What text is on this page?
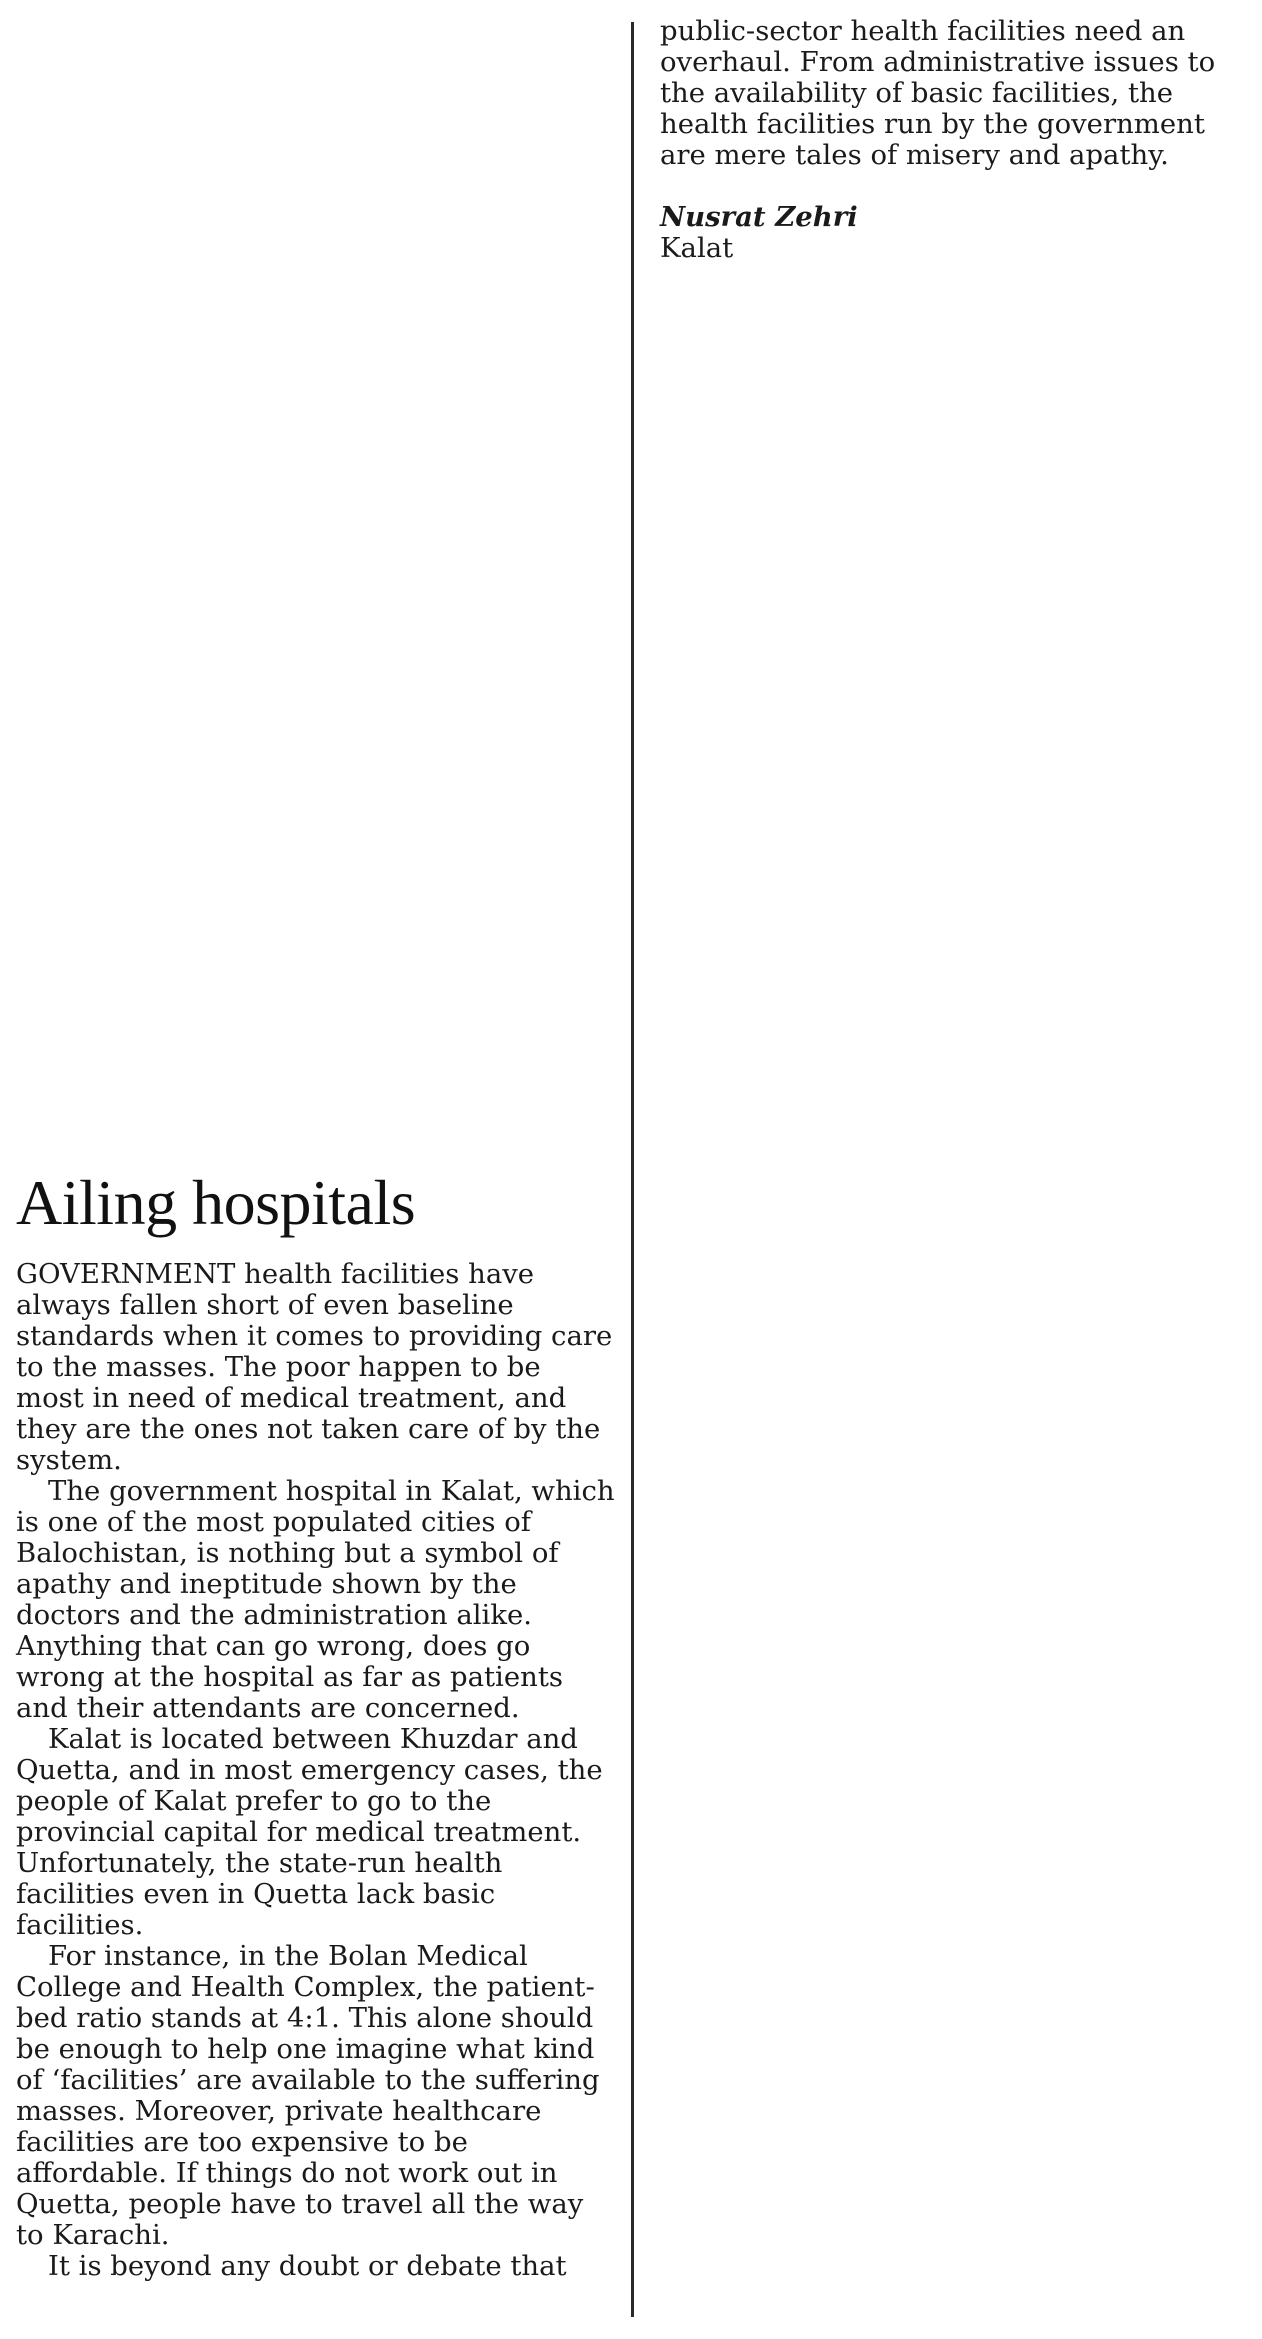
public-sector health facilities need an overhaul. From administrative issues to the availability of basic facilities, the health facilities run by the government are mere tales of misery and apathy.

Nusrat Zehri
Kalat
Ailing hospitals

GOVERNMENT health facilities have always fallen short of even baseline standards when it comes to providing care to the masses. The poor happen to be most in need of medical treatment, and they are the ones not taken care of by the system.

The government hospital in Kalat, which is one of the most populated cities of Balochistan, is nothing but a symbol of apathy and ineptitude shown by the doctors and the administration alike. Anything that can go wrong, does go wrong at the hospital as far as patients and their attendants are concerned.

Kalat is located between Khuzdar and Quetta, and in most emergency cases, the people of Kalat prefer to go to the provincial capital for medical treatment. Unfortunately, the state-run health facilities even in Quetta lack basic facilities.

For instance, in the Bolan Medical College and Health Complex, the patient-bed ratio stands at 4:1. This alone should be enough to help one imagine what kind of ‘facilities’ are available to the suffering masses. Moreover, private healthcare facilities are too expensive to be affordable. If things do not work out in Quetta, people have to travel all the way to Karachi.

It is beyond any doubt or debate that
